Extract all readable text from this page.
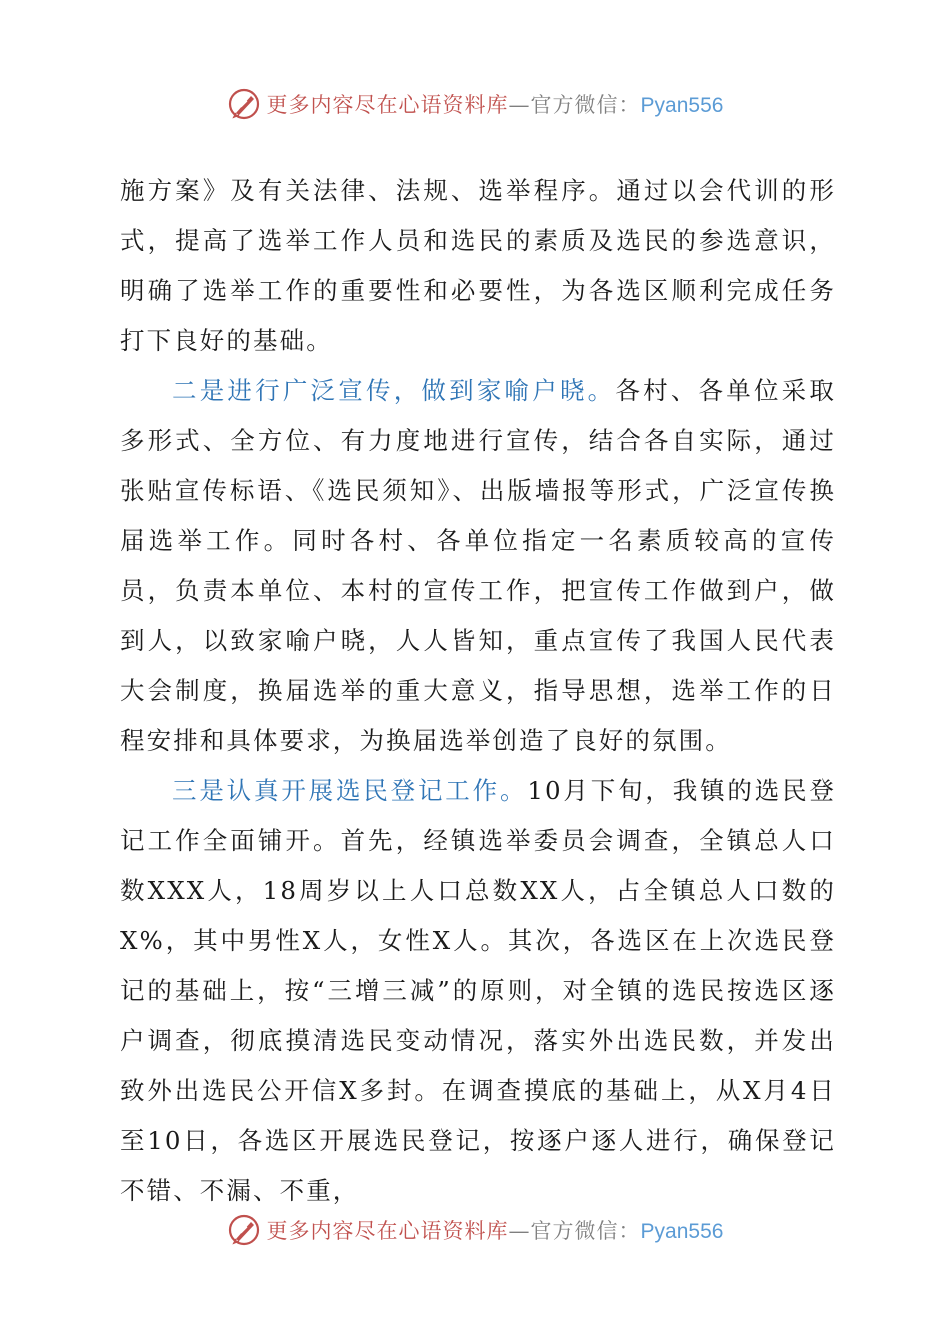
更多内容尽在心语资料库—官方微信：Pyan556

施方案》及有关法律、法规、选举程序。通过以会代训的形式，提高了选举工作人员和选民的素质及选民的参选意识，明确了选举工作的重要性和必要性，为各选区顺利完成任务打下良好的基础。

二是进行广泛宣传，做到家喻户晓。各村、各单位采取多形式、全方位、有力度地进行宣传，结合各自实际，通过张贴宣传标语、《选民须知》、出版墙报等形式，广泛宣传换届选举工作。同时各村、各单位指定一名素质较高的宣传员，负责本单位、本村的宣传工作，把宣传工作做到户，做到人，以致家喻户晓，人人皆知，重点宣传了我国人民代表大会制度，换届选举的重大意义，指导思想，选举工作的日程安排和具体要求，为换届选举创造了良好的氛围。

三是认真开展选民登记工作。10月下旬，我镇的选民登记工作全面铺开。首先，经镇选举委员会调查，全镇总人口数XXX人，18周岁以上人口总数XX人，占全镇总人口数的X%，其中男性X人，女性X人。其次，各选区在上次选民登记的基础上，按“三增三减”的原则，对全镇的选民按选区逐户调查，彻底摸清选民变动情况，落实外出选民数，并发出致外出选民公开信X多封。在调查摸底的基础上，从X月4日至10日，各选区开展选民登记，按逐户逐人进行，确保登记不错、不漏、不重，

更多内容尽在心语资料库—官方微信：Pyan556
